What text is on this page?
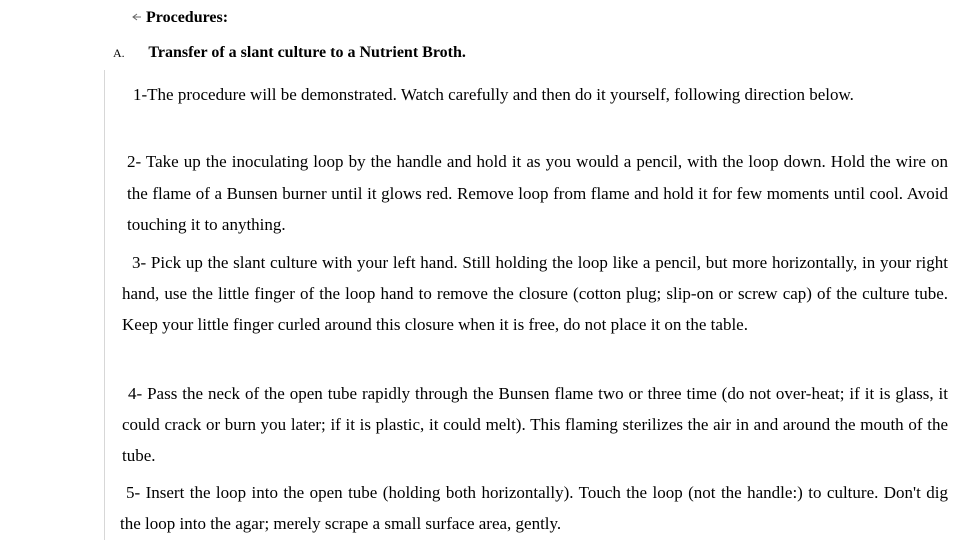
Procedures:
A. Transfer of a slant culture to a Nutrient Broth.
1-The procedure will be demonstrated. Watch carefully and then do it yourself, following direction below.
2- Take up the inoculating loop by the handle and hold it as you would a pencil, with the loop down. Hold the wire on the flame of a Bunsen burner until it glows red. Remove loop from flame and hold it for few moments until cool. Avoid touching it to anything.
3- Pick up the slant culture with your left hand. Still holding the loop like a pencil, but more horizontally, in your right hand, use the little finger of the loop hand to remove the closure (cotton plug; slip-on or screw cap) of the culture tube. Keep your little finger curled around this closure when it is free, do not place it on the table.
4- Pass the neck of the open tube rapidly through the Bunsen flame two or three time (do not over-heat; if it is glass, it could crack or burn you later; if it is plastic, it could melt). This flaming sterilizes the air in and around the mouth of the tube.
5- Insert the loop into the open tube (holding both horizontally). Touch the loop (not the handle:) to culture. Don't dig the loop into the agar; merely scrape a small surface area, gently.
